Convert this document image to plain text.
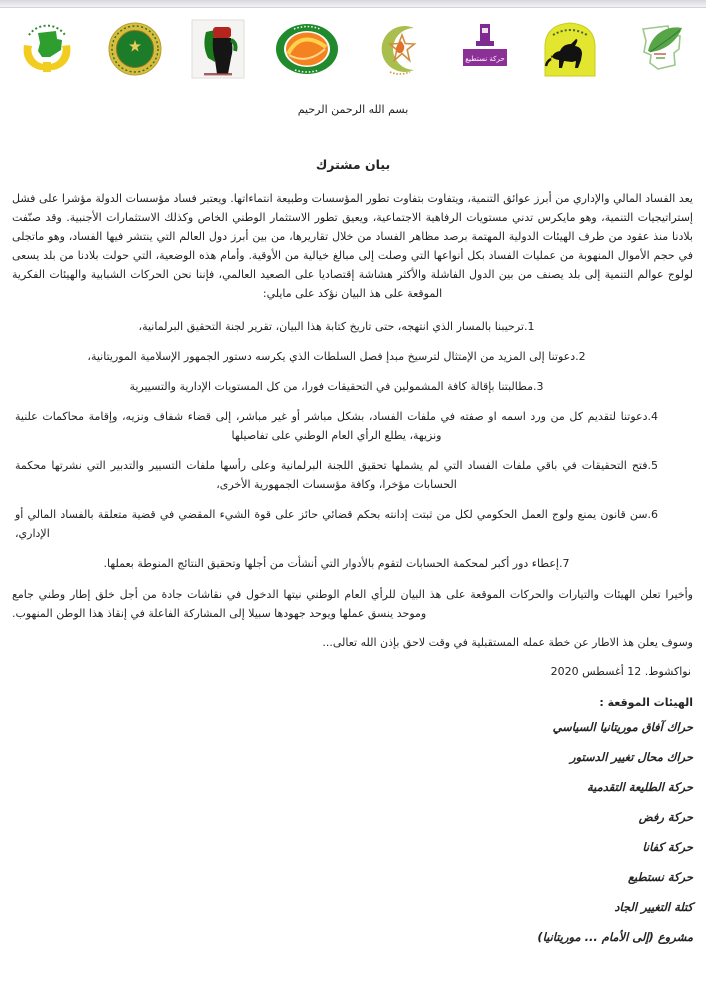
حركة نستطيع

بسم الله الرحمن الرحيم

بيان مشترك

يعد الفساد المالي والإداري من أبرز عوائق التنمية، ويتفاوت بتفاوت تطور المؤسسات وطبيعة انتماءاتها. ويعتبر فساد مؤسسات الدولة مؤشرا على فشل إستراتيجيات التنمية، وهو مايكرس تدني مستويات الرفاهية الاجتماعية، ويعيق تطور الاستثمار الوطني الخاص وكذلك الاستثمارات الأجنبية. وقد صنّفت بلادنا منذ عقود من طرف الهيئات الدولية المهتمة برصد مظاهر الفساد من خلال تقاريرها، من بين أبرز دول العالم التي ينتشر فيها الفساد، وهو ماتجلى في حجم الأموال المنهوبة من عمليات الفساد بكل أنواعها التي وصلت إلى مبالغ خيالية من الأوقية. وأمام هذه الوضعية، التي حولت بلادنا من بلد يسعى لولوج عوالم التنمية إلى بلد يصنف من بين الدول الفاشلة والأكثر هشاشة إقتصاديا على الصعيد العالمي، فإننا نحن الحركات الشبابية والهيئات الفكرية الموقعة على هذ البيان نؤكد على مايلي:

1.ترحيبنا بالمسار الذي انتهجه، حتى تاريخ كتابة هذا البيان، تقرير لجنة التحقيق البرلمانية،

2.دعوتنا إلى المزيد من الإمتثال لترسيخ مبدإ فصل السلطات الذي يكرسه دستور الجمهور الإسلامية الموريتانية،

3.مطالبتنا بإقالة كافة المشمولين في التحقيقات فورا، من كل المستويات الإدارية والتسييرية

4.دعوتنا لتقديم كل من ورد اسمه او صفته في ملفات الفساد، بشكل مباشر أو غير مباشر، إلى قضاء شفاف ونزيه، وإقامة محاكمات علنية ونزيهة، يطلع الرأي العام الوطني على تفاصيلها

5.فتح التحقيقات في باقي ملفات الفساد التي لم يشملها تحقيق اللجنة البرلمانية وعلى رأسها ملفات التسيير والتدبير التي نشرتها محكمة الحسابات مؤخرا، وكافة مؤسسات الجمهورية الأخرى،

6.سن قانون يمنع ولوج العمل الحكومي لكل من ثبتت إدانته بحكم قضائي حائز على قوة الشيء المقضي في قضية متعلقة بالفساد المالي أو الإداري،

7.إعطاء دور أكبر لمحكمة الحسابات لتقوم بالأدوار التي أنشأت من أجلها وتحقيق النتائج المنوطة بعملها.

وأخيرا تعلن الهيئات والتيارات والحركات الموقعة على هذ البيان للرأي العام الوطني نيتها الدخول في نقاشات جادة من أجل خلق إطار وطني جامع وموحد ينسق عملها ويوحد جهودها سبيلا إلى المشاركة الفاعلة في إنقاذ هذا الوطن المنهوب.

وسوف يعلن هذ الاطار عن خطة عمله المستقبلية في وقت لاحق بإذن الله تعالى...

نواكشوط. 12 أغسطس 2020

الهيئات الموقعة :

حراك آفاق موريتانيا السياسي

حراك محال تغيير الدستور

حركة الطليعة التقدمية

حركة رفض

حركة كفانا

حركة نستطيع

كتلة التغيير الجاد

مشروع (إلى الأمام ... موريتانيا)
